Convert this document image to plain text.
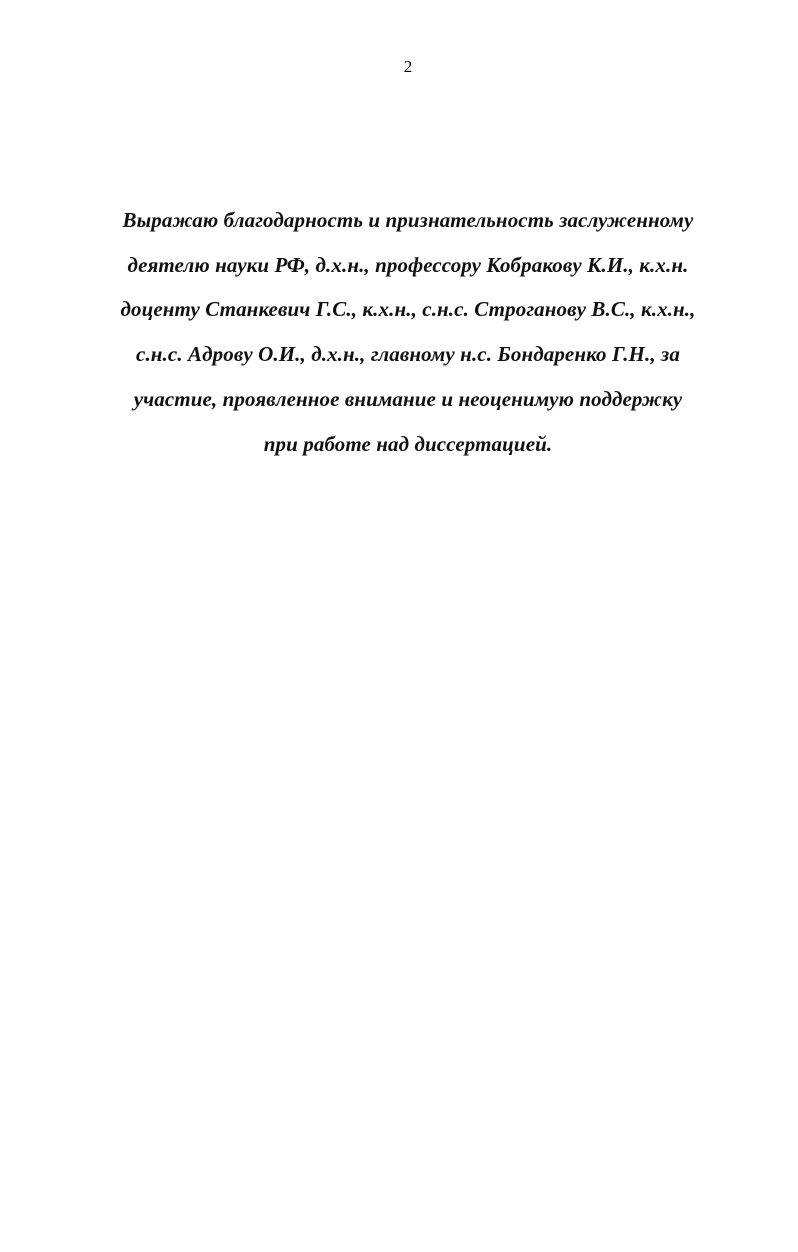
2

Выражаю благодарность и признательность заслуженному
деятелю науки РФ, д.х.н., профессору Кобракову К.И., к.х.н.
доценту Станкевич Г.С., к.х.н., с.н.с. Строганову В.С., к.х.н.,
с.н.с. Адрову О.И., д.х.н., главному н.с. Бондаренко Г.Н., за
участие, проявленное внимание и неоценимую поддержку
при работе над диссертацией.
